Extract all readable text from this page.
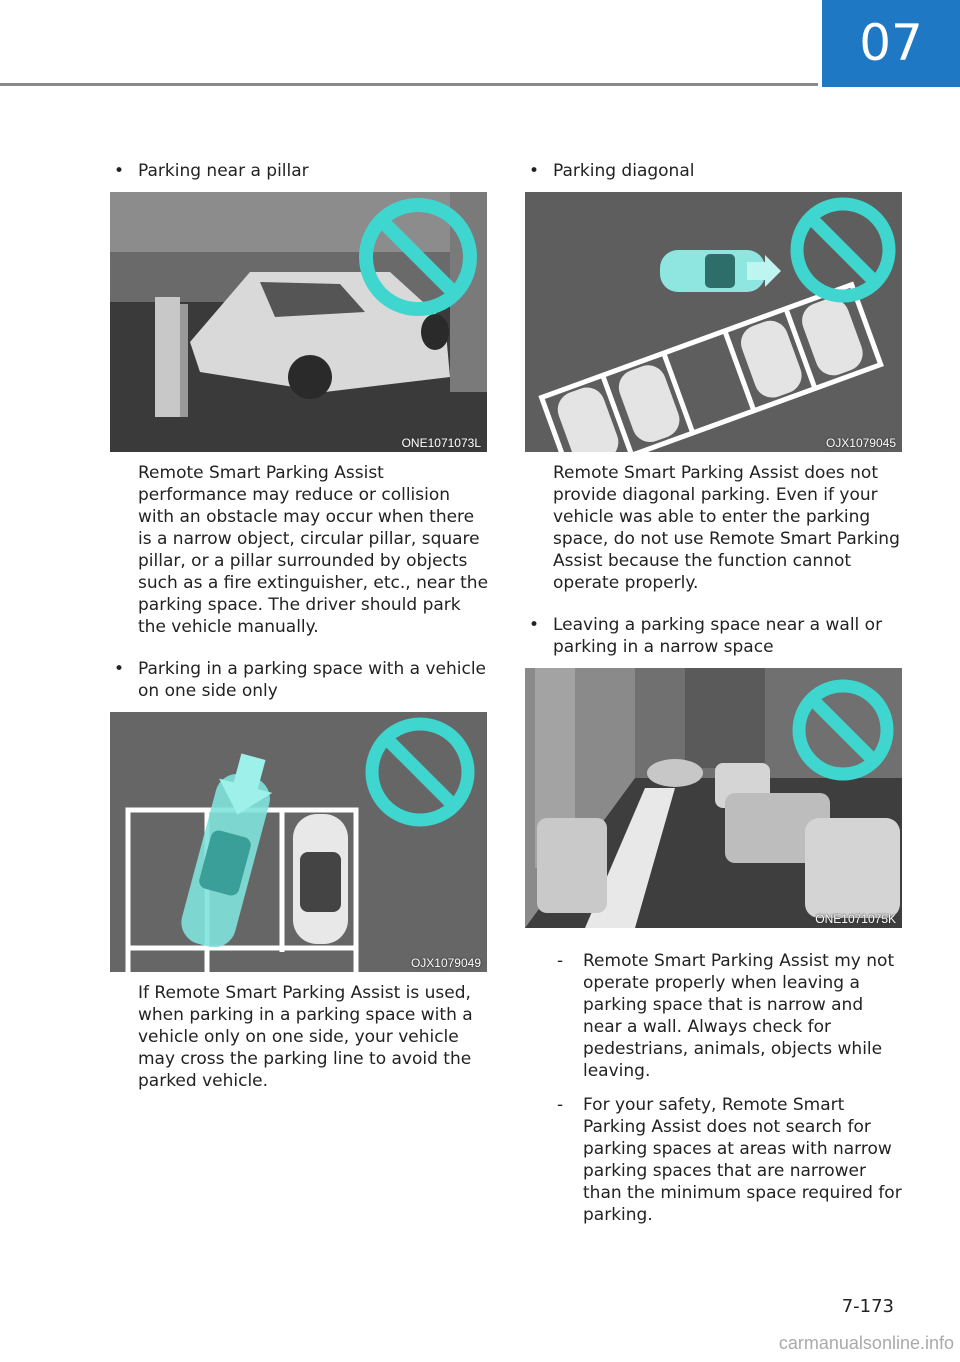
07

• Parking near a pillar

ONE1071073L

Remote Smart Parking Assist performance may reduce or collision with an obstacle may occur when there is a narrow object, circular pillar, square pillar, or a pillar surrounded by objects such as a fire extinguisher, etc., near the parking space. The driver should park the vehicle manually.

• Parking in a parking space with a vehicle on one side only

OJX1079049

If Remote Smart Parking Assist is used, when parking in a parking space with a vehicle only on one side, your vehicle may cross the parking line to avoid the parked vehicle.

• Parking diagonal

OJX1079045

Remote Smart Parking Assist does not provide diagonal parking. Even if your vehicle was able to enter the parking space, do not use Remote Smart Parking Assist because the function cannot operate properly.

• Leaving a parking space near a wall or parking in a narrow space

ONE1071075K

- Remote Smart Parking Assist my not operate properly when leaving a parking space that is narrow and near a wall. Always check for pedestrians, animals, objects while leaving.

- For your safety, Remote Smart Parking Assist does not search for parking spaces at areas with narrow parking spaces that are narrower than the minimum space required for parking.

7-173
carmanualsonline.info
